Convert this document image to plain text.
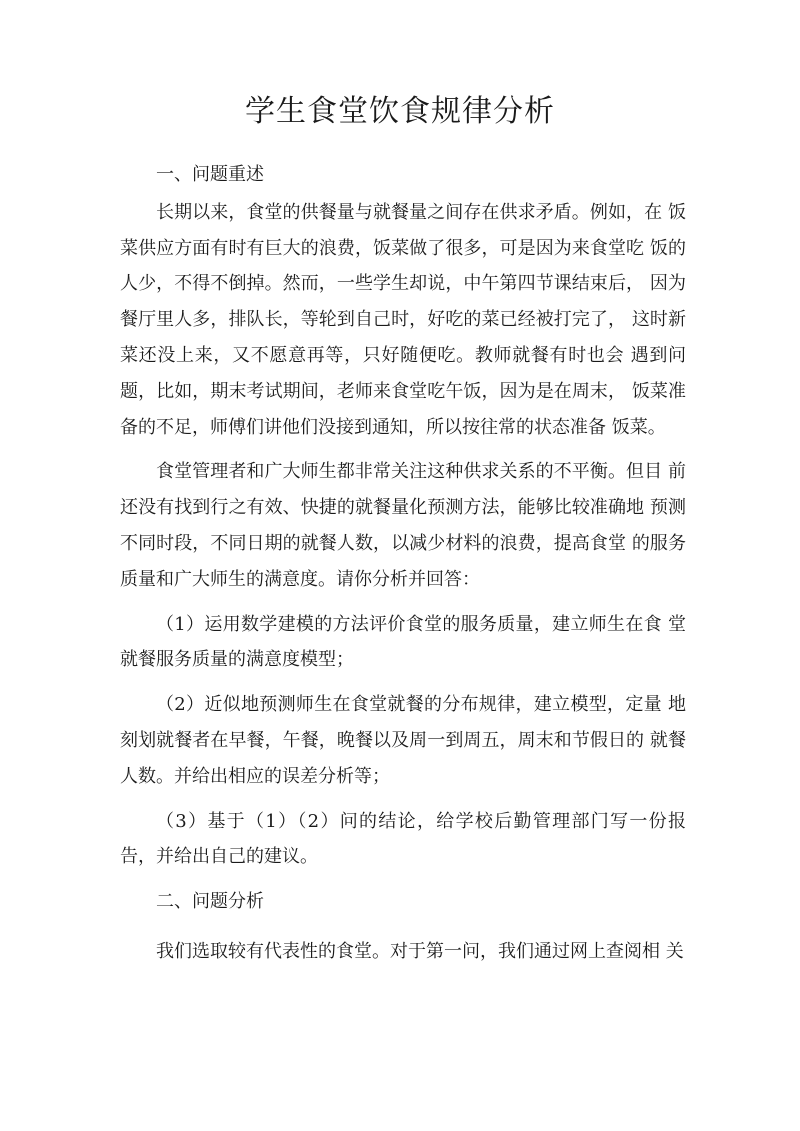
学生食堂饮食规律分析

一、问题重述

长期以来，食堂的供餐量与就餐量之间存在供求矛盾。例如，在 饭菜供应方面有时有巨大的浪费，饭菜做了很多，可是因为来食堂吃 饭的人少，不得不倒掉。然而，一些学生却说，中午第四节课结束后， 因为餐厅里人多，排队长，等轮到自己时，好吃的菜已经被打完了， 这时新菜还没上来，又不愿意再等，只好随便吃。教师就餐有时也会 遇到问题，比如，期末考试期间，老师来食堂吃午饭，因为是在周末， 饭菜准备的不足，师傅们讲他们没接到通知，所以按往常的状态准备 饭菜。

食堂管理者和广大师生都非常关注这种供求关系的不平衡。但目 前还没有找到行之有效、快捷的就餐量化预测方法，能够比较准确地 预测不同时段，不同日期的就餐人数，以减少材料的浪费，提高食堂 的服务质量和广大师生的满意度。请你分析并回答：

（1）运用数学建模的方法评价食堂的服务质量，建立师生在食 堂就餐服务质量的满意度模型；

（2）近似地预测师生在食堂就餐的分布规律，建立模型，定量 地刻划就餐者在早餐，午餐，晚餐以及周一到周五，周末和节假日的 就餐人数。并给出相应的误差分析等；

（3）基于（1）（2）问的结论，给学校后勤管理部门写一份报 告，并给出自己的建议。

二、问题分析

我们选取较有代表性的食堂。对于第一问，我们通过网上查阅相 关
